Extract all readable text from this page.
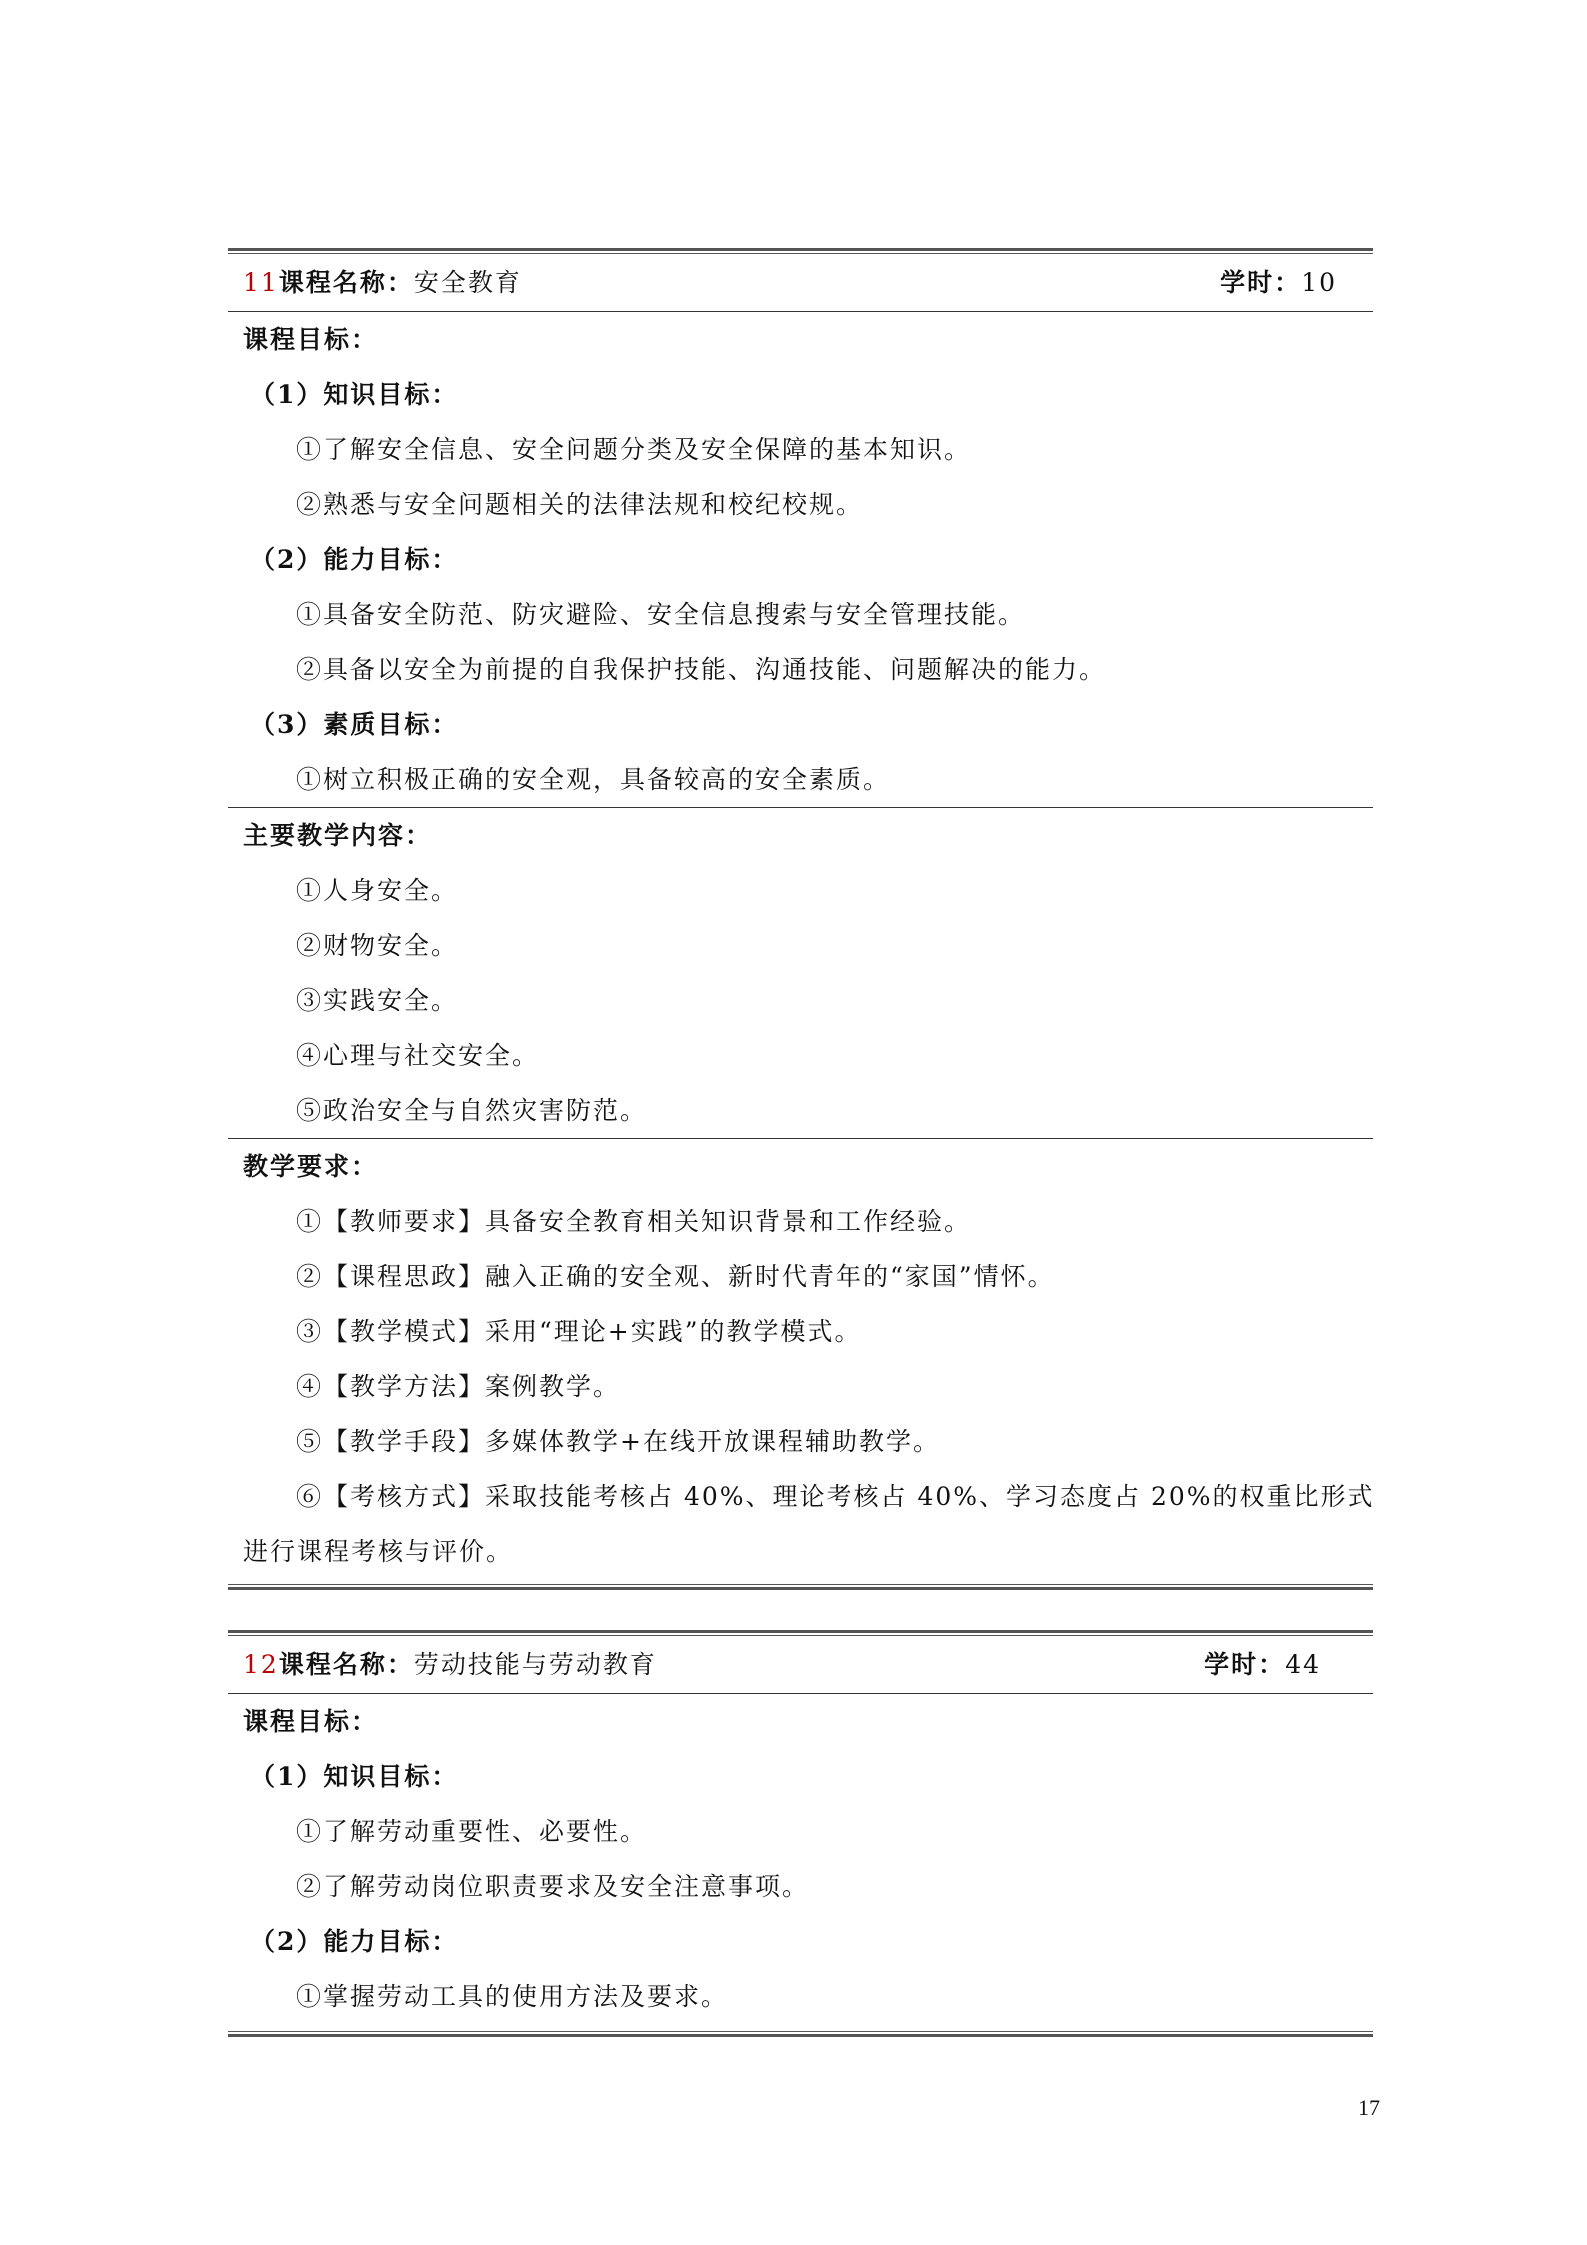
11课程名称：安全教育	学时：10
课程目标：
（1）知识目标：
①了解安全信息、安全问题分类及安全保障的基本知识。
②熟悉与安全问题相关的法律法规和校纪校规。
（2）能力目标：
①具备安全防范、防灾避险、安全信息搜索与安全管理技能。
②具备以安全为前提的自我保护技能、沟通技能、问题解决的能力。
（3）素质目标：
①树立积极正确的安全观，具备较高的安全素质。
主要教学内容：
①人身安全。
②财物安全。
③实践安全。
④心理与社交安全。
⑤政治安全与自然灾害防范。
教学要求：
①【教师要求】具备安全教育相关知识背景和工作经验。
②【课程思政】融入正确的安全观、新时代青年的“家国”情怀。
③【教学模式】采用“理论+实践”的教学模式。
④【教学方法】案例教学。
⑤【教学手段】多媒体教学+在线开放课程辅助教学。
⑥【考核方式】采取技能考核占 40%、理论考核占 40%、学习态度占 20%的权重比形式
进行课程考核与评价。
12课程名称：劳动技能与劳动教育	学时：44
课程目标：
（1）知识目标：
①了解劳动重要性、必要性。
②了解劳动岗位职责要求及安全注意事项。
（2）能力目标：
①掌握劳动工具的使用方法及要求。
17
